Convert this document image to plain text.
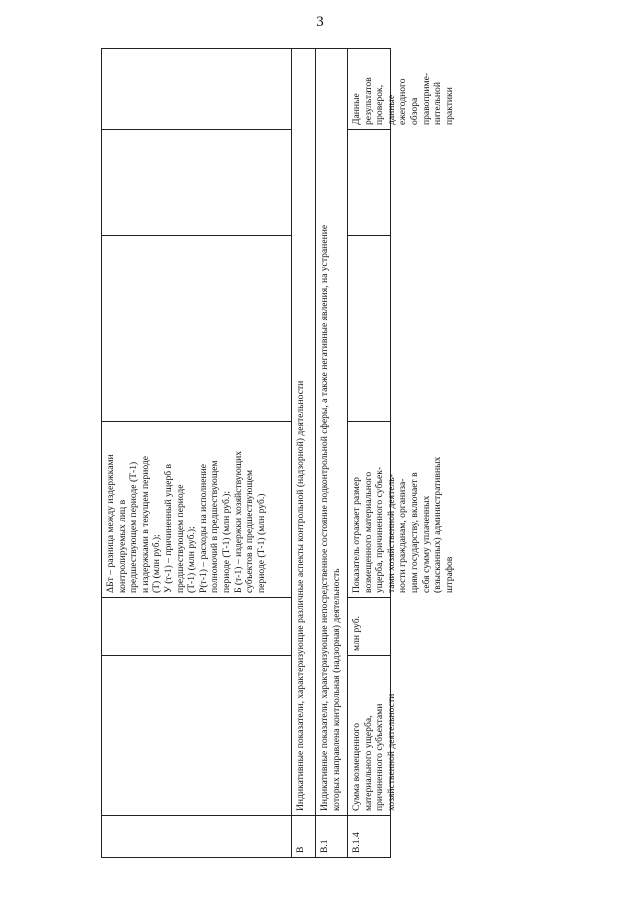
3
ΔБт – разница между издержками контролируемых лиц в предшествующем периоде (Т-1) и издержками в текущем периоде (Т) (млн руб.); У (т-1) – причиненный ущерб в предшествующем периоде (Т-1) (млн руб.); Р(т-1) – расходы на исполнение полномочий в предшествующем периоде (Т-1) (млн руб.); Б (т-1) – издержки хозяйствующих субъектов в предшествующем периоде (Т-1) (млн руб.)
В
Индикативные показатели, характеризующие различные аспекты контрольной (надзорной) деятельности
В.1
Индикативные показатели, характеризующие непосредственное состояние подконтрольной сферы, а также негативные явления, на устранение которых направлена контрольная (надзорная) деятельность
В.1.4
Сумма возмещенного материального ущерба, причиненного субъектами хозяйственной деятельности
млн руб.
Показатель отражает размер возмещенного материального ущерба, причиненного субъек- тами хозяйственной деятель- ности гражданам, организа- циям государству, включает в себя сумму уплаченных (взысканных) административных штрафов
Данные результатов проверок, данные ежегодного обзора правоприме- нительной практики
